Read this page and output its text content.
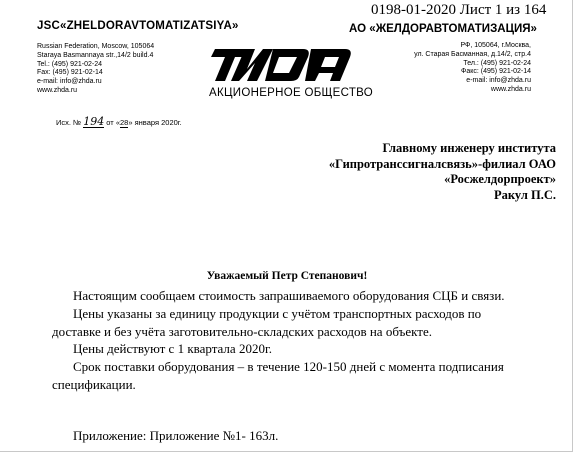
0198-01-2020 Лист 1 из 164
JSC«ZHELDORAVTOMATIZATSIYA»	АО «ЖЕЛДОРАВТОМАТИЗАЦИЯ»
Russian Federation, Moscow, 105064
Staraya Basmannaya str.,14/2 build.4
Tel.: (495) 921-02-24
Fax: (495) 921-02-14
e-mail: info@zhda.ru
www.zhda.ru
РФ, 105064, г.Москва,
ул. Старая Басманная, д.14/2, стр.4
Тел.: (495) 921-02-24
Факс: (495) 921-02-14
e-mail: info@zhda.ru
www.zhda.ru
АКЦИОНЕРНОЕ ОБЩЕСТВО
Исх. № 194 от «28» января 2020г.
Главному инженеру института
«Гипротранссигналсвязь»-филиал ОАО
«Росжелдорпроект»
Ракул П.С.
Уважаемый Петр Степанович!

Настоящим сообщаем стоимость запрашиваемого оборудования СЦБ и связи.

Цены указаны за единицу продукции с учётом транспортных расходов по

доставке и без учёта заготовительно-складских расходов на объекте.

Цены действуют с 1 квартала 2020г.

Срок поставки оборудования – в течение 120-150 дней с момента подписания

спецификации.

Приложение: Приложение №1- 163л.
